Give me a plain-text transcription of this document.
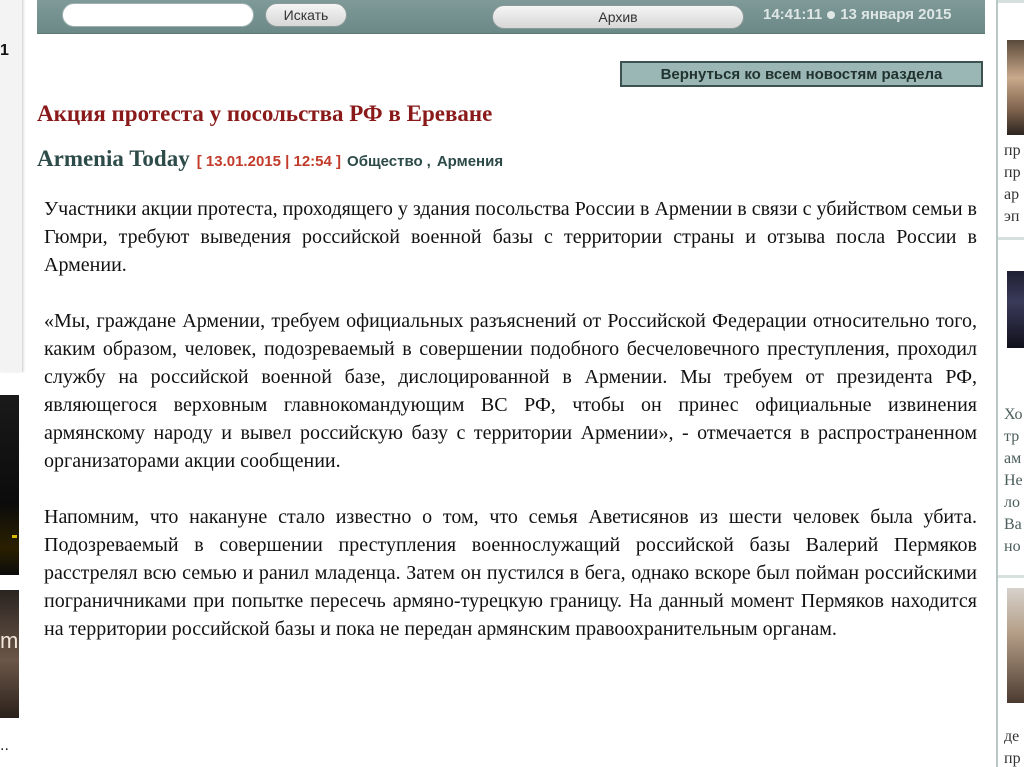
1
m
..
Искать	Архив	14:41:11 13 января 2015
Вернуться ко всем новостям раздела
Акция протеста у посольства РФ в Ереване
Armenia Today [ 13.01.2015 | 12:54 ] Общество , Армения

Участники акции протеста, проходящего у здания посольства России в Армении в связи с убийством семьи в Гюмри, требуют выведения российской военной базы с территории страны и отзыва посла России в Армении.

«Мы, граждане Армении, требуем официальных разъяснений от Российской Федерации относительно того, каким образом, человек, подозреваемый в совершении подобного бесчеловечного преступления, проходил службу на российской военной базе, дислоцированной в Армении. Мы требуем от президента РФ, являющегося верховным главнокомандующим ВС РФ, чтобы он принес официальные извинения армянскому народу и вывел российскую базу с территории Армении», - отмечается в распространенном организаторами акции сообщении.

Напомним, что накануне стало известно о том, что семья Аветисянов из шести человек была убита. Подозреваемый в совершении преступления военнослужащий российской базы Валерий Пермяков расстрелял всю семью и ранил младенца. Затем он пустился в бега, однако вскоре был пойман российскими пограничниками при попытке пересечь армяно-турецкую границу. На данный момент Пермяков находится на территории российской базы и пока не передан армянским правоохранительным органам.

пр
пр
ар
эп
Хо
тр
ам
Не
ло
Ва
но
де
пр
